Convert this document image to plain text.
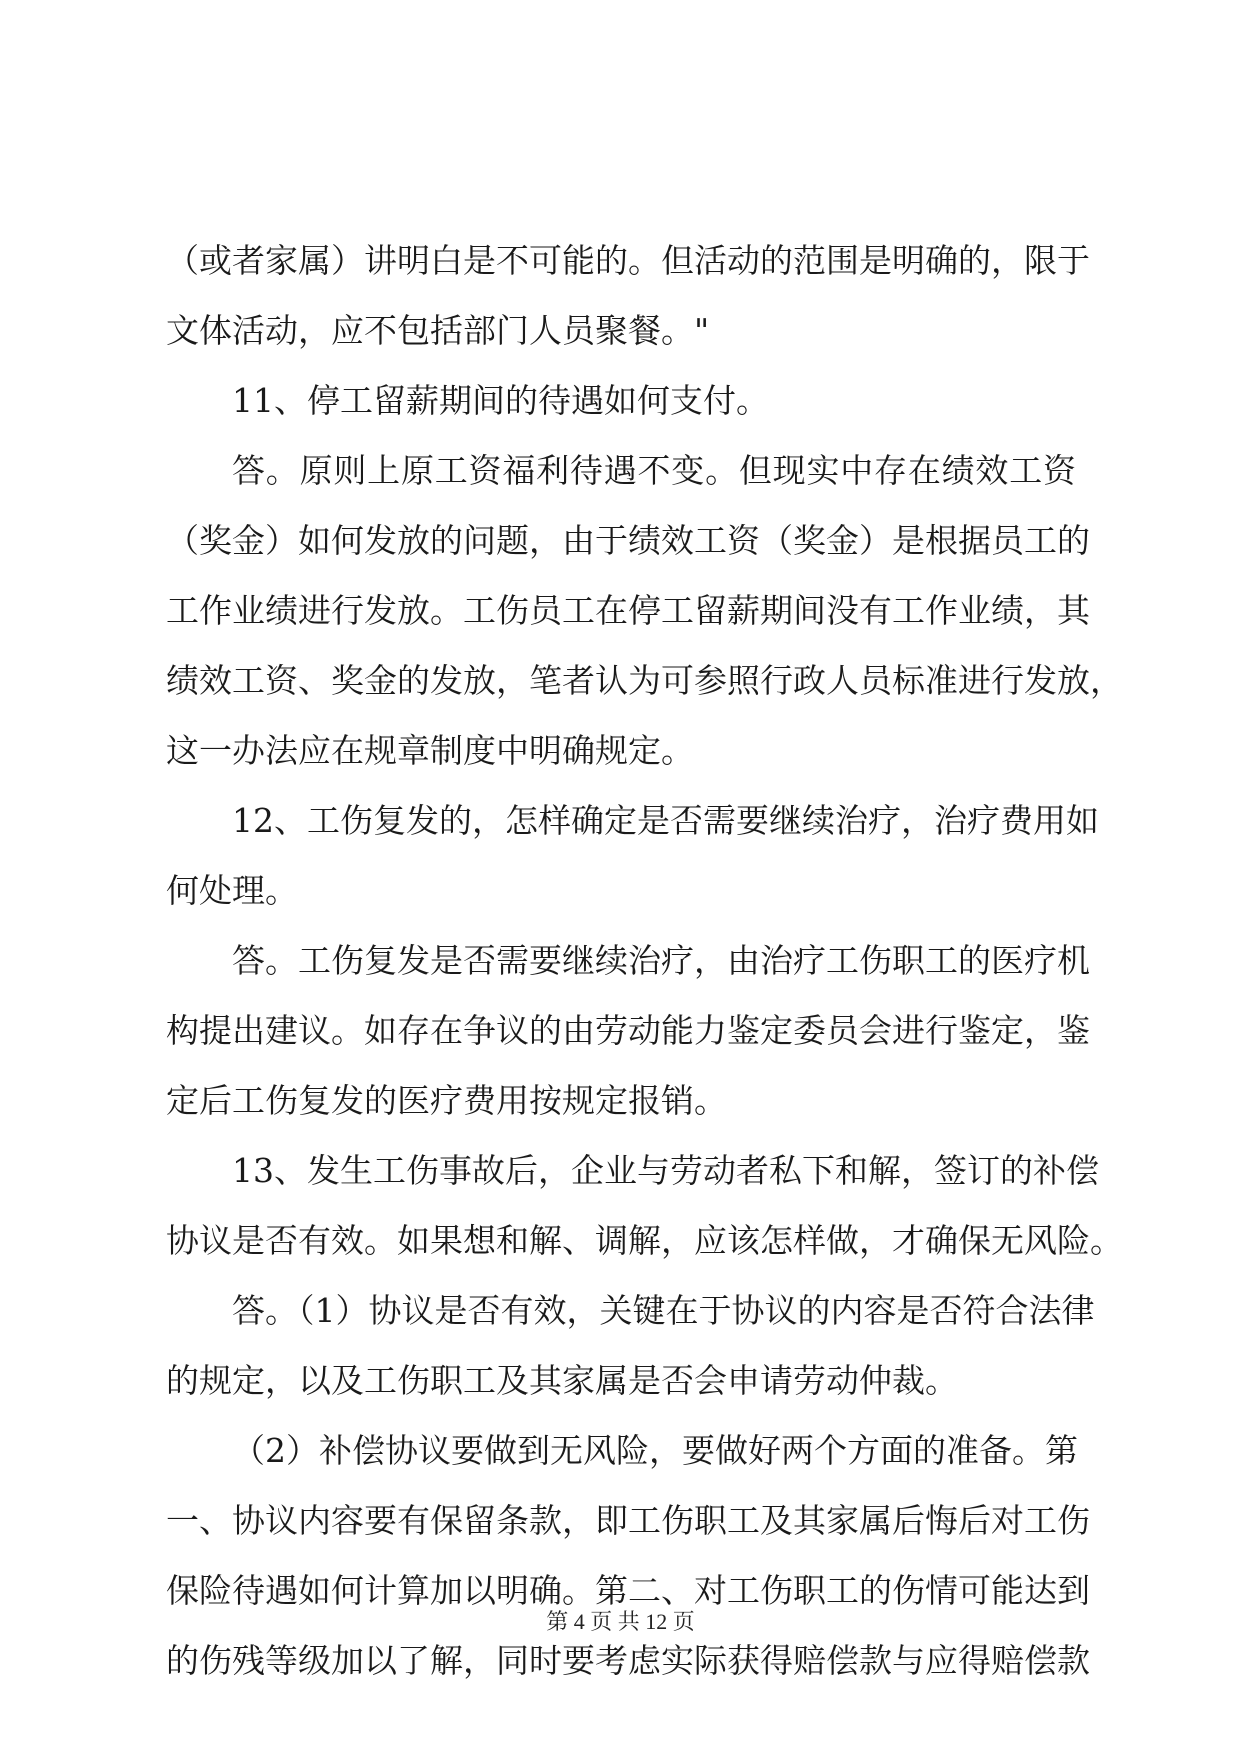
（或者家属）讲明白是不可能的。但活动的范围是明确的，限于
文体活动，应不包括部门人员聚餐。"
11、停工留薪期间的待遇如何支付。
答。原则上原工资福利待遇不变。但现实中存在绩效工资
（奖金）如何发放的问题，由于绩效工资（奖金）是根据员工的
工作业绩进行发放。工伤员工在停工留薪期间没有工作业绩，其
绩效工资、奖金的发放，笔者认为可参照行政人员标准进行发放，
这一办法应在规章制度中明确规定。
12、工伤复发的，怎样确定是否需要继续治疗，治疗费用如
何处理。
答。工伤复发是否需要继续治疗，由治疗工伤职工的医疗机
构提出建议。如存在争议的由劳动能力鉴定委员会进行鉴定，鉴
定后工伤复发的医疗费用按规定报销。
13、发生工伤事故后，企业与劳动者私下和解，签订的补偿
协议是否有效。如果想和解、调解，应该怎样做，才确保无风险。
答。（1）协议是否有效，关键在于协议的内容是否符合法律
的规定，以及工伤职工及其家属是否会申请劳动仲裁。
（2）补偿协议要做到无风险，要做好两个方面的准备。第
一、协议内容要有保留条款，即工伤职工及其家属后悔后对工伤
保险待遇如何计算加以明确。第二、对工伤职工的伤情可能达到
的伤残等级加以了解，同时要考虑实际获得赔偿款与应得赔偿款
第 4 页 共 12 页
